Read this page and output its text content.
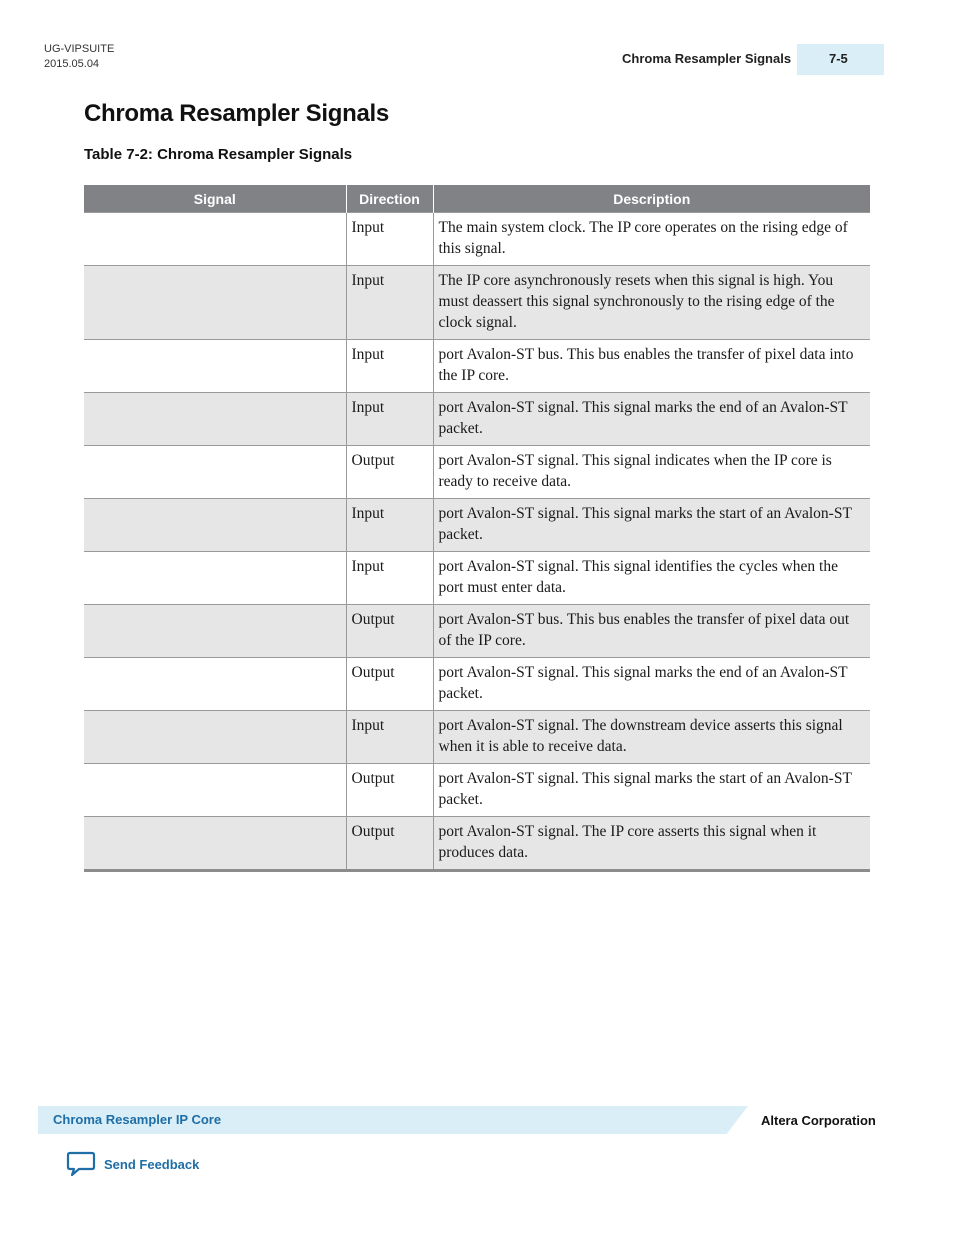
UG-VIPSUITE
2015.05.04	Chroma Resampler Signals	7-5
Chroma Resampler Signals
Table 7-2: Chroma Resampler Signals
Signal	Direction	Description
	Input	The main system clock. The IP core operates on the rising edge of this signal.
	Input	The IP core asynchronously resets when this signal is high. You must deassert this signal synchronously to the rising edge of the clock signal.
	Input	port Avalon-ST bus. This bus enables the transfer of pixel data into the IP core.
	Input	port Avalon-ST signal. This signal marks the end of an Avalon-ST packet.
	Output	port Avalon-ST signal. This signal indicates when the IP core is ready to receive data.
	Input	port Avalon-ST signal. This signal marks the start of an Avalon-ST packet.
	Input	port Avalon-ST signal. This signal identifies the cycles when the port must enter data.
	Output	port Avalon-ST bus. This bus enables the transfer of pixel data out of the IP core.
	Output	port Avalon-ST signal. This signal marks the end of an Avalon-ST packet.
	Input	port Avalon-ST signal. The downstream device asserts this signal when it is able to receive data.
	Output	port Avalon-ST signal. This signal marks the start of an Avalon-ST packet.
	Output	port Avalon-ST signal. The IP core asserts this signal when it produces data.
Chroma Resampler IP Core	Altera Corporation
Send Feedback
